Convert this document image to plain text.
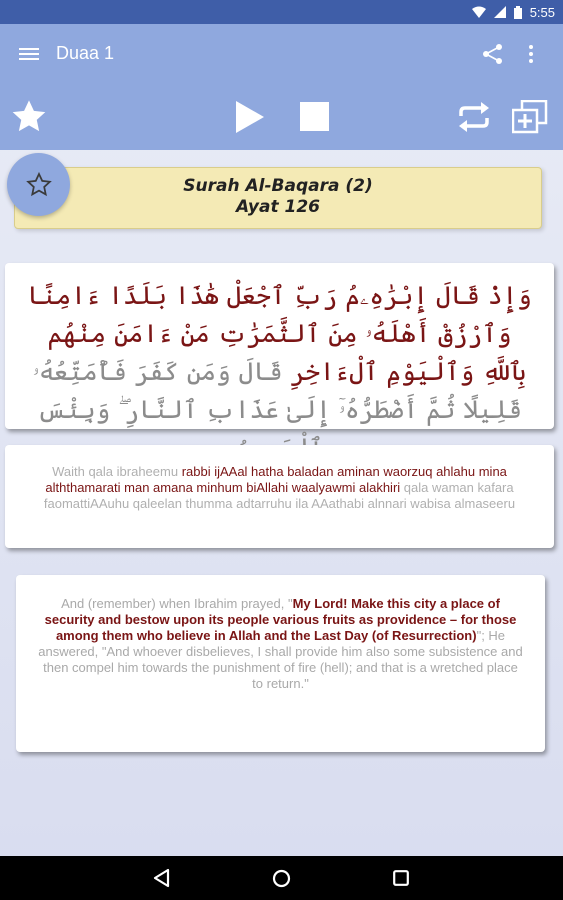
5:55
Duaa 1
Surah Al-Baqara (2)
Ayat 126
وَإِذْ قَالَ إِبْرَٰهِۦمُ رَبِّ ٱجْعَلْ هَٰذَا بَلَدًا ءَامِنًا وَٱرْزُقْ أَهْلَهُۥ مِنَ ٱلثَّمَرَٰتِ مَنْ ءَامَنَ مِنْهُم بِٱللَّهِ وَٱلْيَوْمِ ٱلْءَاخِرِ قَالَ وَمَن كَفَرَ فَأُمَتِّعُهُۥ قَلِيلًا ثُمَّ أَضْطَرُّهُۥٓ إِلَىٰ عَذَابِ ٱلنَّارِ ۖ وَبِئْسَ
Waith qala ibraheemu rabbi ijAAal hatha baladan aminan waorzuq ahlahu mina alththamarati man amana minhum biAllahi waalyawmi alakhiri qala waman kafara faomattiAAuhu qaleelan thumma adtarruhu ila AAathabi alnnari wabisa almaseeru
And (remember) when Ibrahim prayed, "My Lord! Make this city a place of security and bestow upon its people various fruits as providence – for those among them who believe in Allah and the Last Day (of Resurrection)"; He answered, "And whoever disbelieves, I shall provide him also some subsistence and then compel him towards the punishment of fire (hell); and that is a wretched place to return."
